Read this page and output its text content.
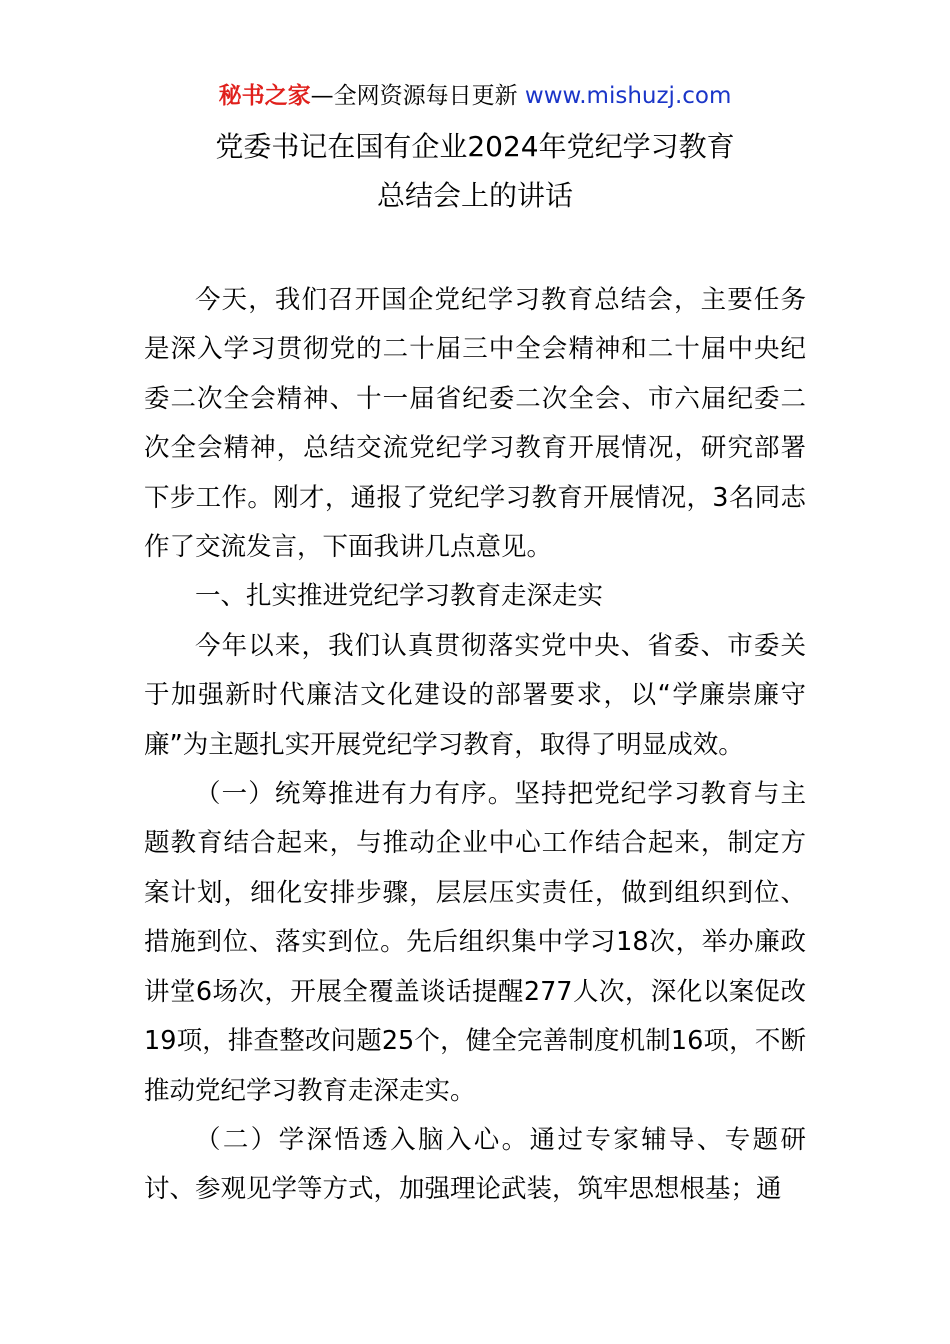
秘书之家—全网资源每日更新 www.mishuzj.com
党委书记在国有企业2024年党纪学习教育
总结会上的讲话

今天，我们召开国企党纪学习教育总结会，主要任务是深入学习贯彻党的二十届三中全会精神和二十届中央纪委二次全会精神、十一届省纪委二次全会、市六届纪委二次全会精神，总结交流党纪学习教育开展情况，研究部署下步工作。刚才，通报了党纪学习教育开展情况，3名同志作了交流发言，下面我讲几点意见。

一、扎实推进党纪学习教育走深走实

今年以来，我们认真贯彻落实党中央、省委、市委关于加强新时代廉洁文化建设的部署要求，以“学廉崇廉守廉”为主题扎实开展党纪学习教育，取得了明显成效。

（一）统筹推进有力有序。坚持把党纪学习教育与主题教育结合起来，与推动企业中心工作结合起来，制定方案计划，细化安排步骤，层层压实责任，做到组织到位、措施到位、落实到位。先后组织集中学习18次，举办廉政讲堂6场次，开展全覆盖谈话提醒277人次，深化以案促改19项，排查整改问题25个，健全完善制度机制16项，不断推动党纪学习教育走深走实。

（二）学深悟透入脑入心。通过专家辅导、专题研讨、参观见学等方式，加强理论武装，筑牢思想根基；通
